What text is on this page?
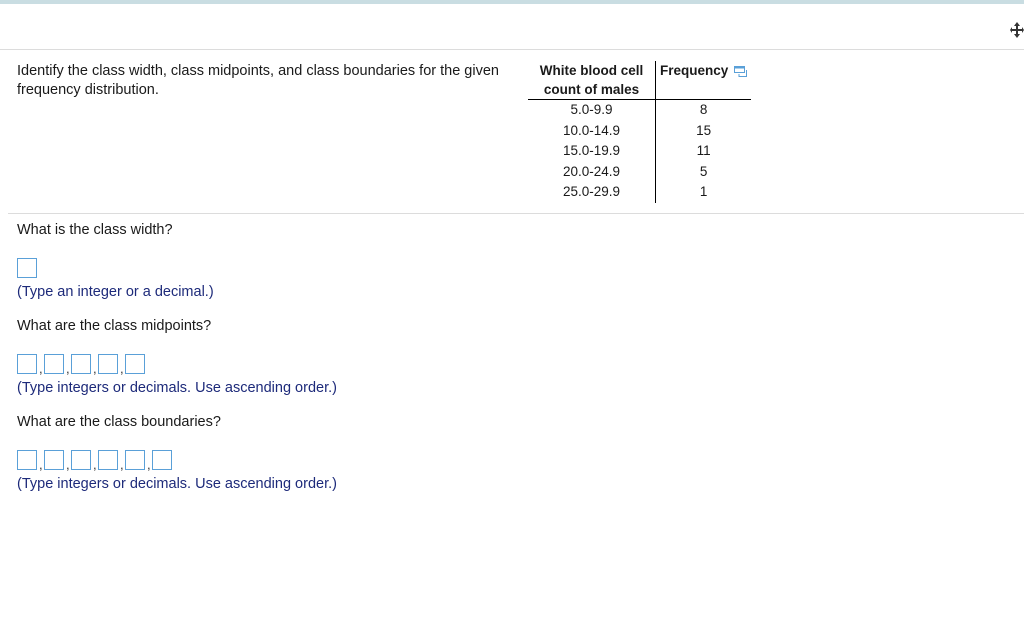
Identify the class width, class midpoints, and class boundaries for the given frequency distribution.
White blood cell	Frequency
count of males	
5.0-9.9	8
10.0-14.9	15
15.0-19.9	11
20.0-24.9	5
25.0-29.9	1
What is the class width?
(Type an integer or a decimal.)
What are the class midpoints?
, , , ,
(Type integers or decimals. Use ascending order.)
What are the class boundaries?
, , , , ,
(Type integers or decimals. Use ascending order.)
